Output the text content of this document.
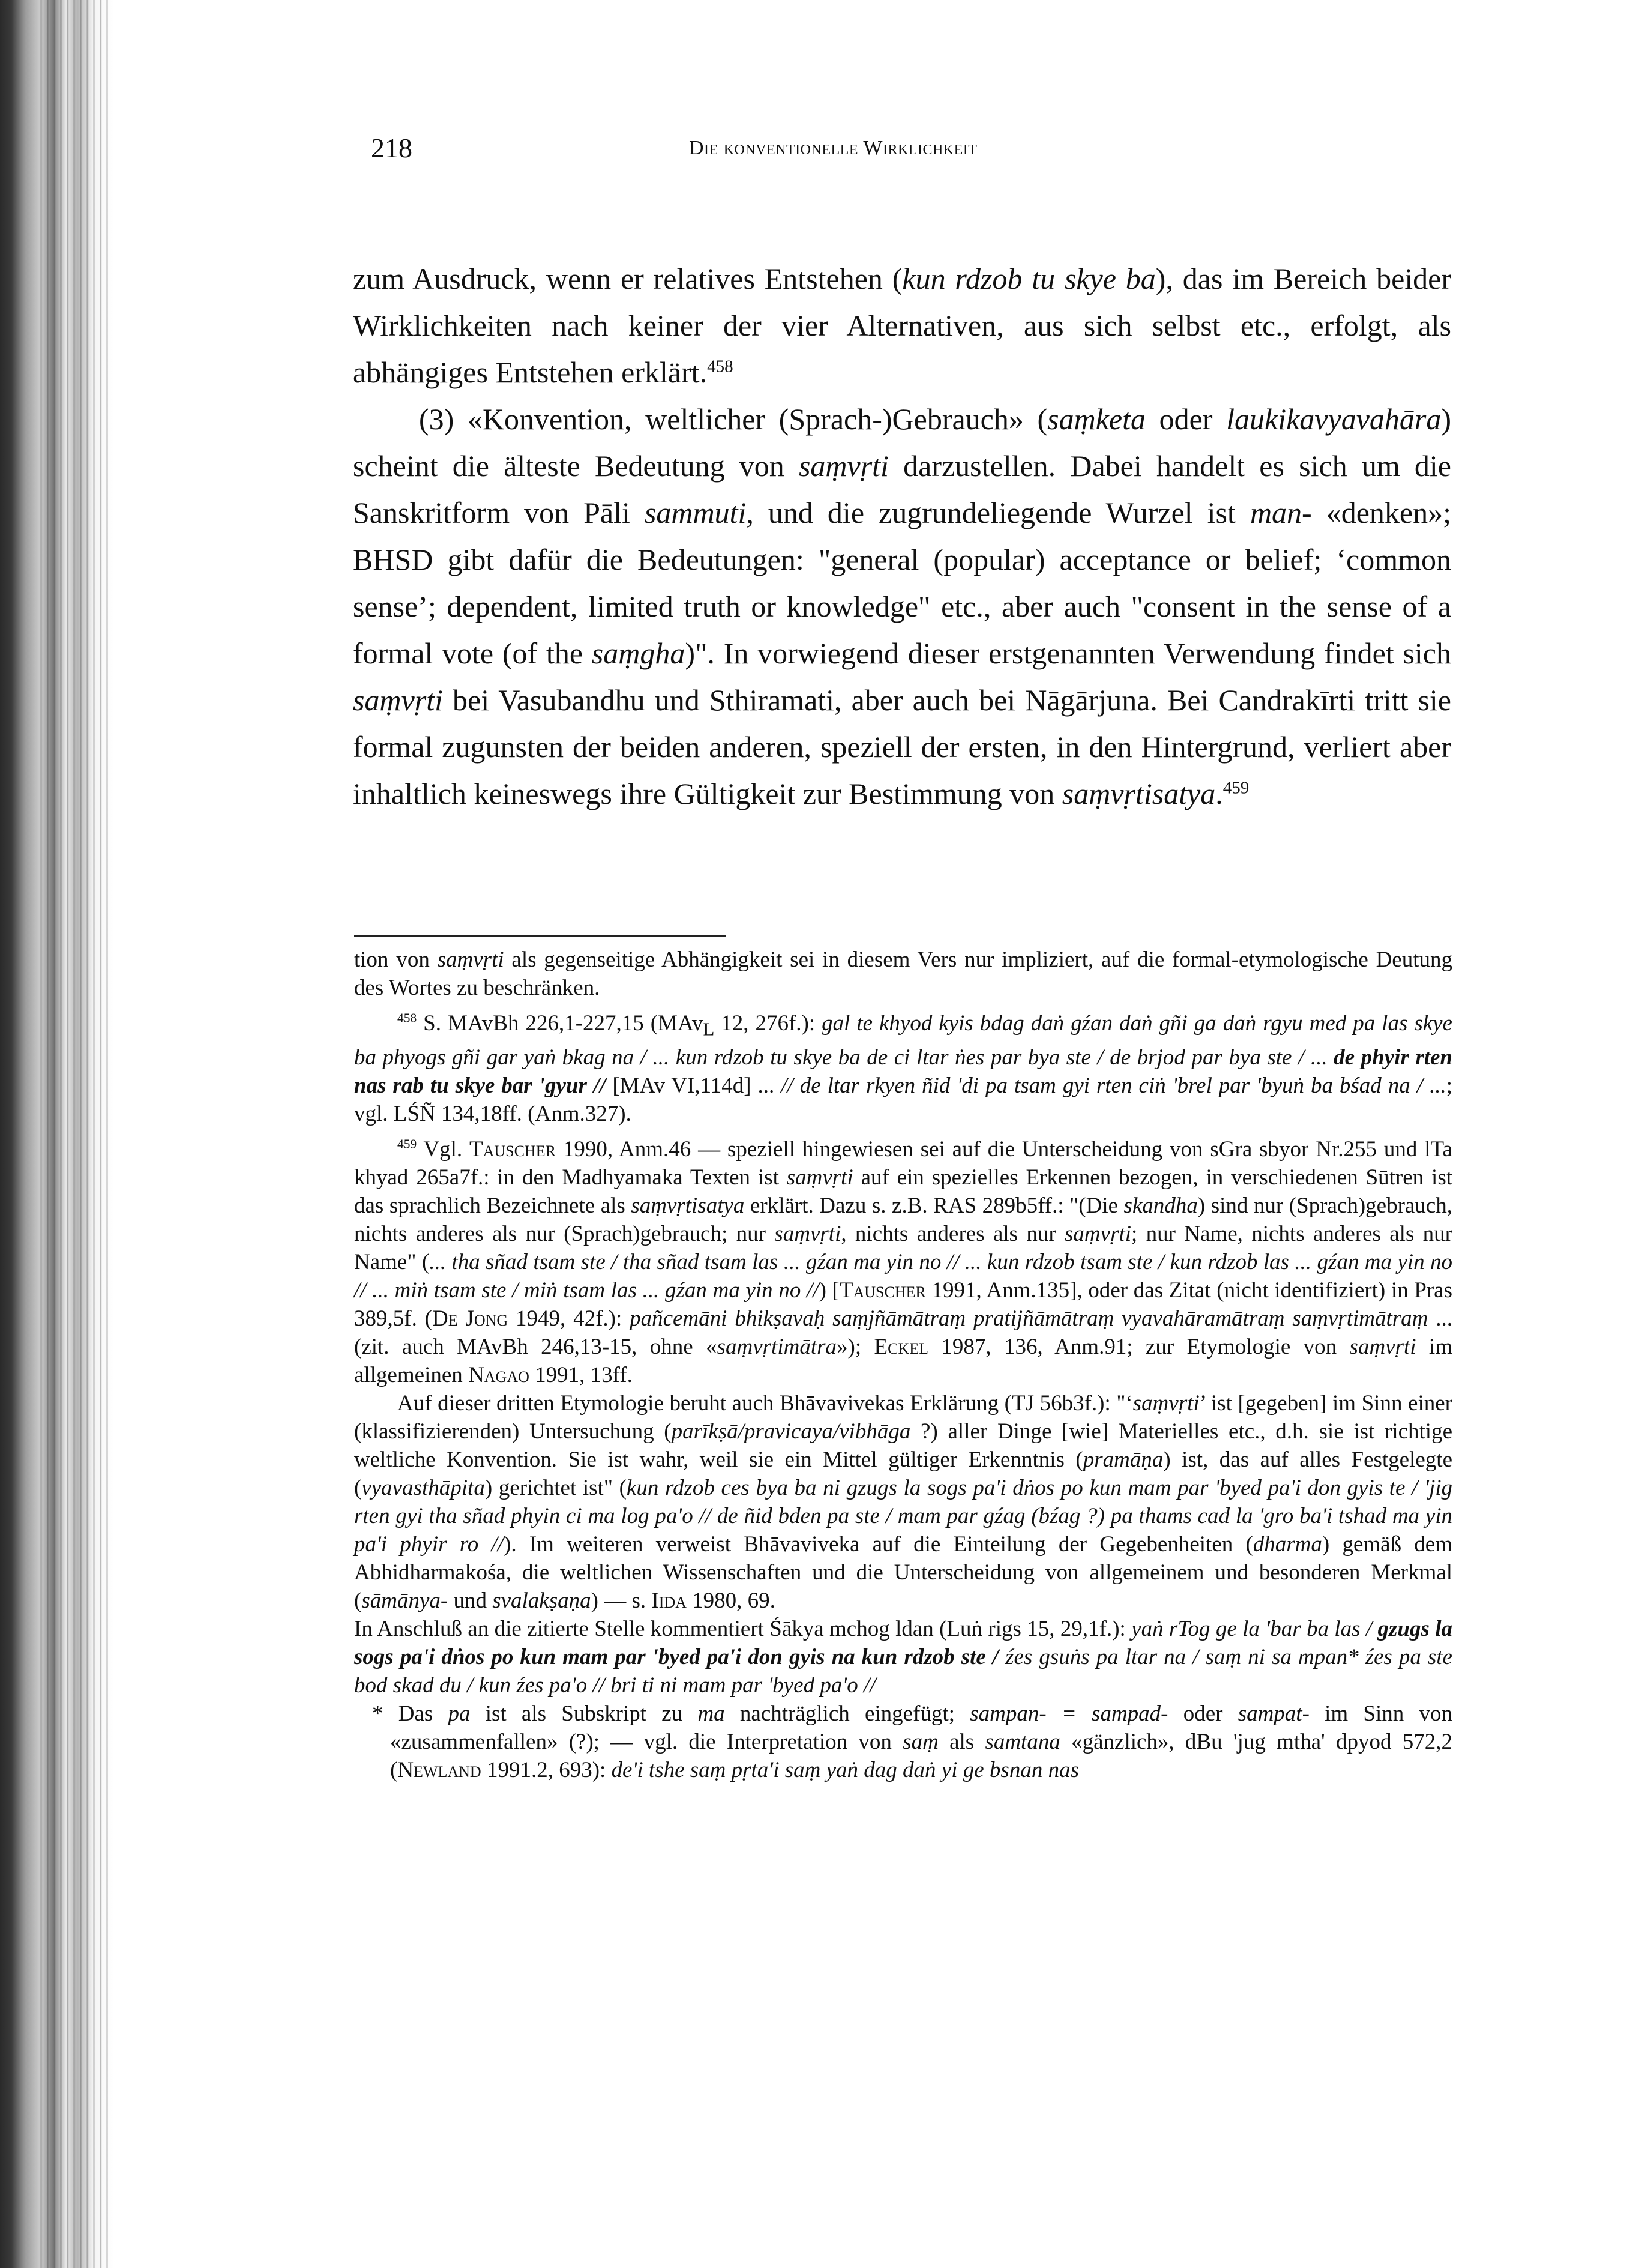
218	Die konventionelle Wirklichkeit

zum Ausdruck, wenn er relatives Entstehen (kun rdzob tu skye ba), das im Bereich beider Wirklichkeiten nach keiner der vier Alternativen, aus sich selbst etc., erfolgt, als abhängiges Entstehen erklärt.$^{458}$

(3) «Konvention, weltlicher (Sprach-)Gebrauch» (saṃketa oder laukikavyavahāra) scheint die älteste Bedeutung von saṃvṛti darzustellen. Dabei handelt es sich um die Sanskritform von Pāli sammuti, und die zugrundeliegende Wurzel ist man- «denken»; BHSD gibt dafür die Bedeutungen: "general (popular) acceptance or belief; ‘common sense’; dependent, limited truth or knowledge" etc., aber auch "consent in the sense of a formal vote (of the saṃgha)". In vorwiegend dieser erstgenannten Verwendung findet sich saṃvṛti bei Vasubandhu und Sthiramati, aber auch bei Nāgārjuna. Bei Candrakīrti tritt sie formal zugunsten der beiden anderen, speziell der ersten, in den Hintergrund, verliert aber inhaltlich keineswegs ihre Gültigkeit zur Bestimmung von saṃvṛtisatya.$^{459}$

tion von saṃvṛti als gegenseitige Abhängigkeit sei in diesem Vers nur impliziert, auf die formal-etymologische Deutung des Wortes zu beschränken.

$^{458}$ S. MAvBh 226,1-227,15 (MAv$_L$ 12, 276f.): gal te khyod kyis bdag daṅ gźan daṅ gñi ga daṅ rgyu med pa las skye ba phyogs gñi gar yaṅ bkag na / ... kun rdzob tu skye ba de ci ltar ṅes par bya ste / de brjod par bya ste / ... de phyir rten nas rab tu skye bar 'gyur // [MAv VI,114d] ... // de ltar rkyen ñid 'di pa tsam gyi rten ciṅ 'brel par 'byuṅ ba bśad na / ...; vgl. LŚÑ 134,18ff. (Anm.327).

$^{459}$ Vgl. Tauscher 1990, Anm.46 — speziell hingewiesen sei auf die Unterscheidung von sGra sbyor Nr.255 und lTa khyad 265a7f.: in den Madhyamaka Texten ist saṃvṛti auf ein spezielles Erkennen bezogen, in verschiedenen Sūtren ist das sprachlich Bezeichnete als saṃvṛtisatya erklärt. Dazu s. z.B. RAS 289b5ff.: "(Die skandha) sind nur (Sprach)gebrauch, nichts anderes als nur (Sprach)gebrauch; nur saṃvṛti, nichts anderes als nur saṃvṛti; nur Name, nichts anderes als nur Name" (... tha sñad tsam ste / tha sñad tsam las ... gźan ma yin no // ... kun rdzob tsam ste / kun rdzob las ... gźan ma yin no // ... miṅ tsam ste / miṅ tsam las ... gźan ma yin no //) [Tauscher 1991, Anm.135], oder das Zitat (nicht identifiziert) in Pras 389,5f. (De Jong 1949, 42f.): pañcemāni bhikṣavaḥ saṃjñāmātraṃ pratijñāmātraṃ vyavahāramātraṃ saṃvṛtimātraṃ ... (zit. auch MAvBh 246,13-15, ohne «saṃvṛtimātra»); Eckel 1987, 136, Anm.91; zur Etymologie von saṃvṛti im allgemeinen Nagao 1991, 13ff.

Auf dieser dritten Etymologie beruht auch Bhāvavivekas Erklärung (TJ 56b3f.): "‘saṃvṛti’ ist [gegeben] im Sinn einer (klassifizierenden) Untersuchung (parīkṣā/pravicaya/vibhāga ?) aller Dinge [wie] Materielles etc., d.h. sie ist richtige weltliche Konvention. Sie ist wahr, weil sie ein Mittel gültiger Erkenntnis (pramāṇa) ist, das auf alles Festgelegte (vyavasthāpita) gerichtet ist" (kun rdzob ces bya ba ni gzugs la sogs pa'i dṅos po kun mam par 'byed pa'i don gyis te / 'jig rten gyi tha sñad phyin ci ma log pa'o // de ñid bden pa ste / mam par gźag (bźag ?) pa thams cad la 'gro ba'i tshad ma yin pa'i phyir ro //). Im weiteren verweist Bhāvaviveka auf die Einteilung der Gegebenheiten (dharma) gemäß dem Abhidharmakośa, die weltlichen Wissenschaften und die Unterscheidung von allgemeinem und besonderen Merkmal (sāmānya- und svalakṣaṇa) — s. Iida 1980, 69.

In Anschluß an die zitierte Stelle kommentiert Śākya mchog ldan (Luṅ rigs 15, 29,1f.): yaṅ rTog ge la 'bar ba las / gzugs la sogs pa'i dṅos po kun mam par 'byed pa'i don gyis na kun rdzob ste / źes gsuṅs pa ltar na / saṃ ni sa mpan* źes pa ste bod skad du / kun źes pa'o // bri ti ni mam par 'byed pa'o //

* Das pa ist als Subskript zu ma nachträglich eingefügt; sampan- = sampad- oder sampat- im Sinn von «zusammenfallen» (?); — vgl. die Interpretation von saṃ als samtana «gänzlich», dBu 'jug mtha' dpyod 572,2 (Newland 1991.2, 693): de'i tshe saṃ pṛta'i saṃ yaṅ dag daṅ yi ge bsnan nas
